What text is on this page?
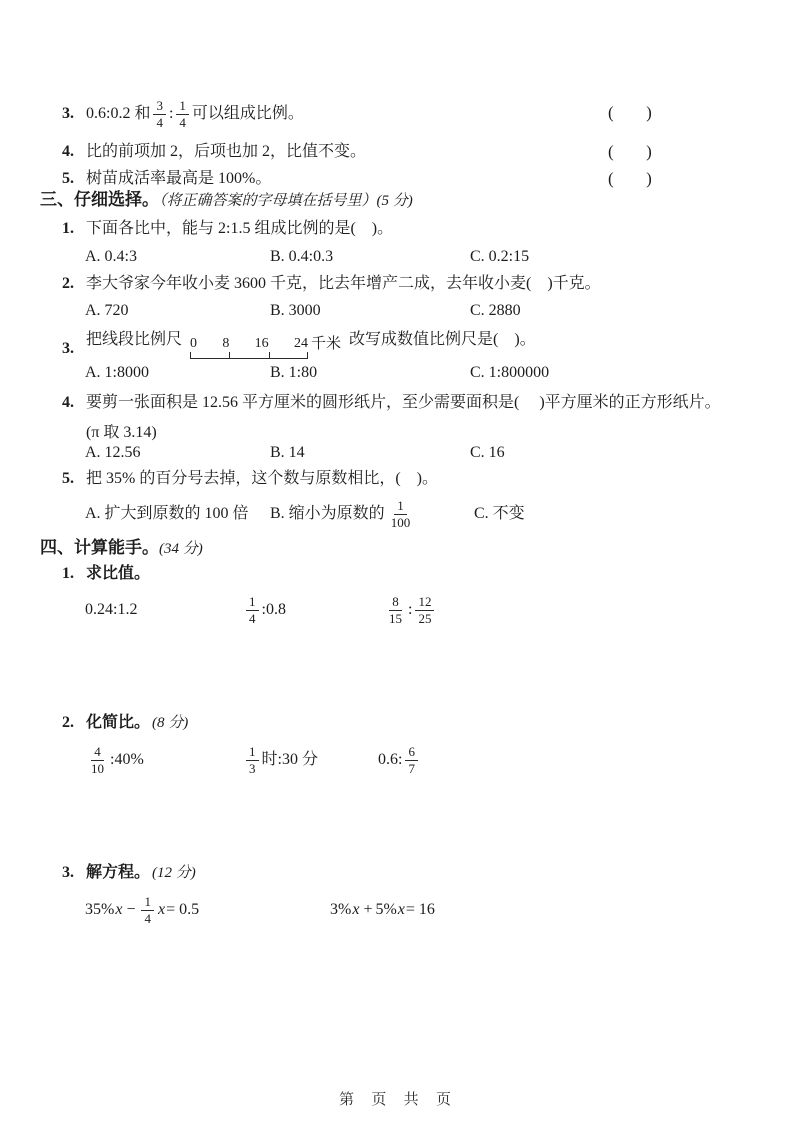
3. 0.6:0.2 和 $\frac{3}{4}$ : $\frac{1}{4}$ 可以组成比例。	(      )
4. 比的前项加 2，后项也加 2，比值不变。	(      )
5. 树苗成活率最高是 100%。	(      )
三、仔细选择。（将正确答案的字母填在括号里）(5 分)
1. 下面各比中，能与 2:1.5 组成比例的是(    )。
A. 0.4:3	B. 0.4:0.3	C. 0.2:15
2. 李大爷家今年收小麦 3600 千克，比去年增产二成，去年收小麦(    )千克。
A. 720	B. 3000	C. 2880
3.
把线段比例尺 0 8 16 24 千米 改写成数值比例尺是(    )。
A. 1:8000	B. 1:80	C. 1:800000
4. 要剪一张面积是 12.56 平方厘米的圆形纸片，至少需要面积是(     )平方厘米的正方形纸片。(π 取 3.14)
A. 12.56	B. 14	C. 16
5. 把 35% 的百分号去掉，这个数与原数相比，(    )。
A. 扩大到原数的 100 倍 B. 缩小为原数的 $\frac{1}{100}$	C. 不变
四、计算能手。(34 分)
1. 求比值。
0.24:1.2	$\frac{1}{4}$ :0.8	$\frac{8}{15}$ : $\frac{12}{25}$
2. 化简比。 (8 分)
$\frac{4}{10}$ :40%	$\frac{1}{3}$ 时:30 分	0.6: $\frac{6}{7}$
3. 解方程。 (12 分)
35% $x - \frac{1}{4}$ x = 0.5	3% x + 5% x = 16
第  页  共  页
